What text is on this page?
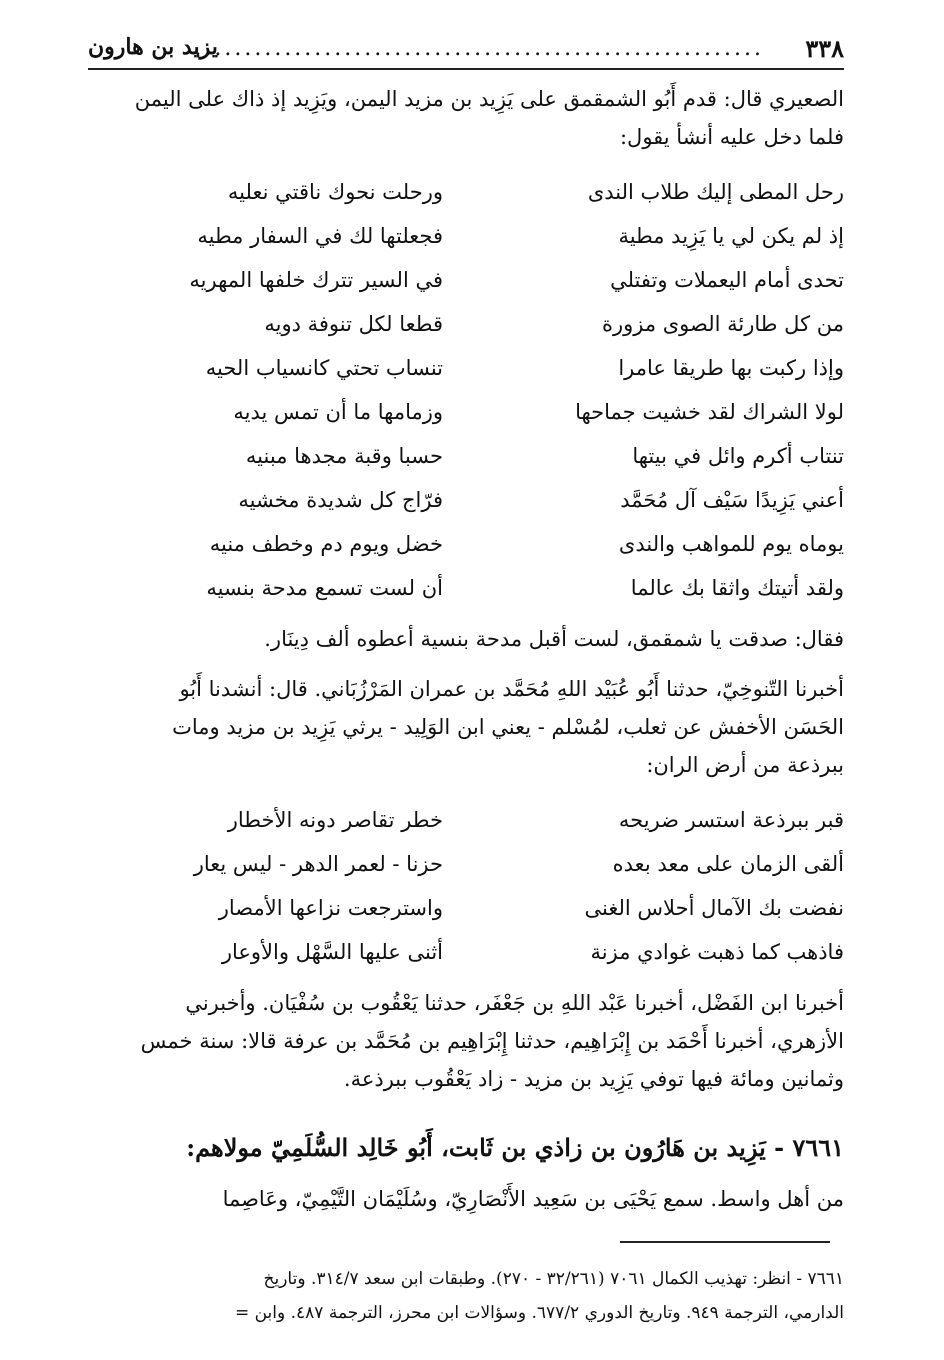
٣٣٨
.........................................................
يزيد بن هارون
الصعيري قال: قدم أَبُو الشمقمق على يَزِيد بن مزيد اليمن، ويَزِيد إذ ذاك على اليمن
فلما دخل عليه أنشأ يقول:
رحل المطى إليك طلاب الندى
ورحلت نحوك ناقتي نعليه
إذ لم يكن لي يا يَزِيد مطية
فجعلتها لك في السفار مطيه
تحدى أمام اليعملات وتفتلي
في السير تترك خلفها المهريه
من كل طارئة الصوى مزورة
قطعا لكل تنوفة دويه
وإذا ركبت بها طريقا عامرا
تنساب تحتي كانسياب الحيه
لولا الشراك لقد خشيت جماحها
وزمامها ما أن تمس يديه
تنتاب أكرم وائل في بيتها
حسبا وقبة مجدها مبنيه
أعني يَزِيدًا سَيْف آل مُحَمَّد
فرّاج كل شديدة مخشيه
يوماه يوم للمواهب والندى
خضل ويوم دم وخطف منيه
ولقد أتيتك واثقا بك عالما
أن لست تسمع مدحة بنسيه
فقال: صدقت يا شمقمق، لست أقبل مدحة بنسية أعطوه ألف دِينَار.
أخبرنا التّنوخِيّ، حدثنا أَبُو عُبَيْد اللهِ مُحَمَّد بن عمران المَرْزُبَاني. قال: أنشدنا أَبُو
الحَسَن الأخفش عن ثعلب، لمُسْلم - يعني ابن الوَلِيد - يرثي يَزِيد بن مزيد ومات
ببرذعة من أرض الران:
قبر ببرذعة استسر ضريحه
خطر تقاصر دونه الأخطار
ألقى الزمان على معد بعده
حزنا - لعمر الدهر - ليس يعار
نفضت بك الآمال أحلاس الغنى
واسترجعت نزاعها الأمصار
فاذهب كما ذهبت غوادي مزنة
أثنى عليها السَّهْل والأوعار
أخبرنا ابن الفَضْل، أخبرنا عَبْد اللهِ بن جَعْفَر، حدثنا يَعْقُوب بن سُفْيَان. وأخبرني
الأزهري، أخبرنا أَحْمَد بن إِبْرَاهِيم، حدثنا إِبْرَاهِيم بن مُحَمَّد بن عرفة قالا: سنة خمس
وثمانين ومائة فيها توفي يَزِيد بن مزيد - زاد يَعْقُوب ببرذعة.
٧٦٦١ - يَزِيد بن هَارُون بن زاذي بن ثَابت، أَبُو خَالِد السُّلَمِيّ مولاهم:
من أهل واسط. سمع يَحْيَى بن سَعِيد الأَنْصَارِيّ، وسُلَيْمَان التَّيْمِيّ، وعَاصِما
٧٦٦١ - انظر: تهذيب الكمال ٧٠٦١ (٣٢/٢٦١ - ٢٧٠). وطبقات ابن سعد ٣١٤/٧. وتاريخ
الدارمي، الترجمة ٩٤٩. وتاريخ الدوري ٦٧٧/٢. وسؤالات ابن محرز، الترجمة ٤٨٧. وابن =
